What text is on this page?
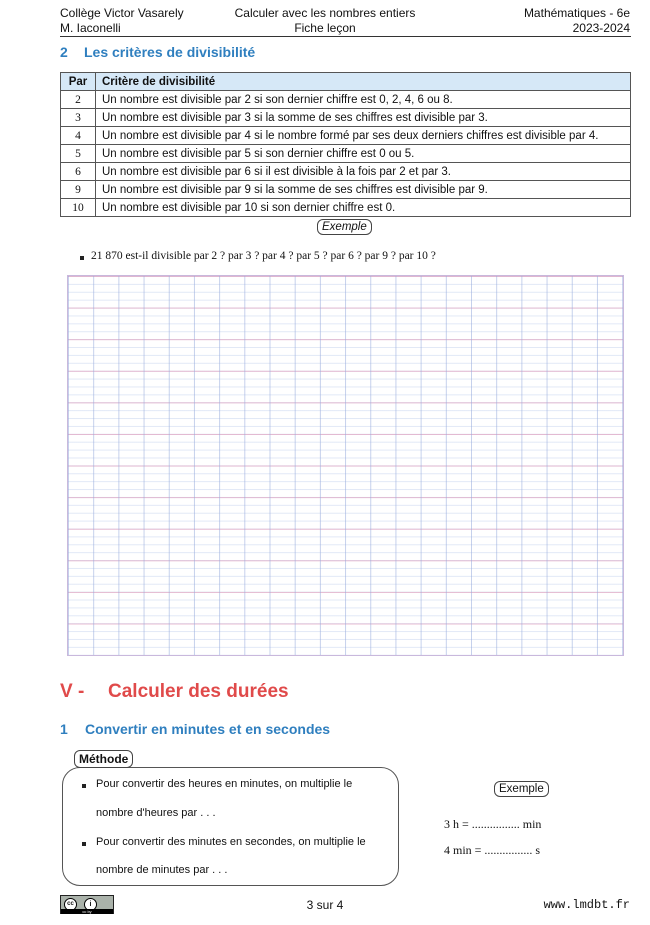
Collège Victor Vasarely
M. Iaconelli
Calculer avec les nombres entiers
Fiche leçon
Mathématiques - 6e
2023-2024
2 Les critères de divisibilité
Par	Critère de divisibilité
2	Un nombre est divisible par 2 si son dernier chiffre est 0, 2, 4, 6 ou 8.
3	Un nombre est divisible par 3 si la somme de ses chiffres est divisible par 3.
4	Un nombre est divisible par 4 si le nombre formé par ses deux derniers chiffres est divisible par 4.
5	Un nombre est divisible par 5 si son dernier chiffre est 0 ou 5.
6	Un nombre est divisible par 6 si il est divisible à la fois par 2 et par 3.
9	Un nombre est divisible par 9 si la somme de ses chiffres est divisible par 9.
10	Un nombre est divisible par 10 si son dernier chiffre est 0.
Exemple
21 870 est-il divisible par 2 ? par 3 ? par 4 ? par 5 ? par 6 ? par 9 ? par 10 ?
V - Calculer des durées
1 Convertir en minutes et en secondes
Méthode
Pour convertir des heures en minutes, on multiplie le
nombre d'heures par . . .
Pour convertir des minutes en secondes, on multiplie le
nombre de minutes par . . .
Exemple
3 h = ................ min
4 min = ................ s
cc	i
cc by	3 sur 4	www.lmdbt.fr
